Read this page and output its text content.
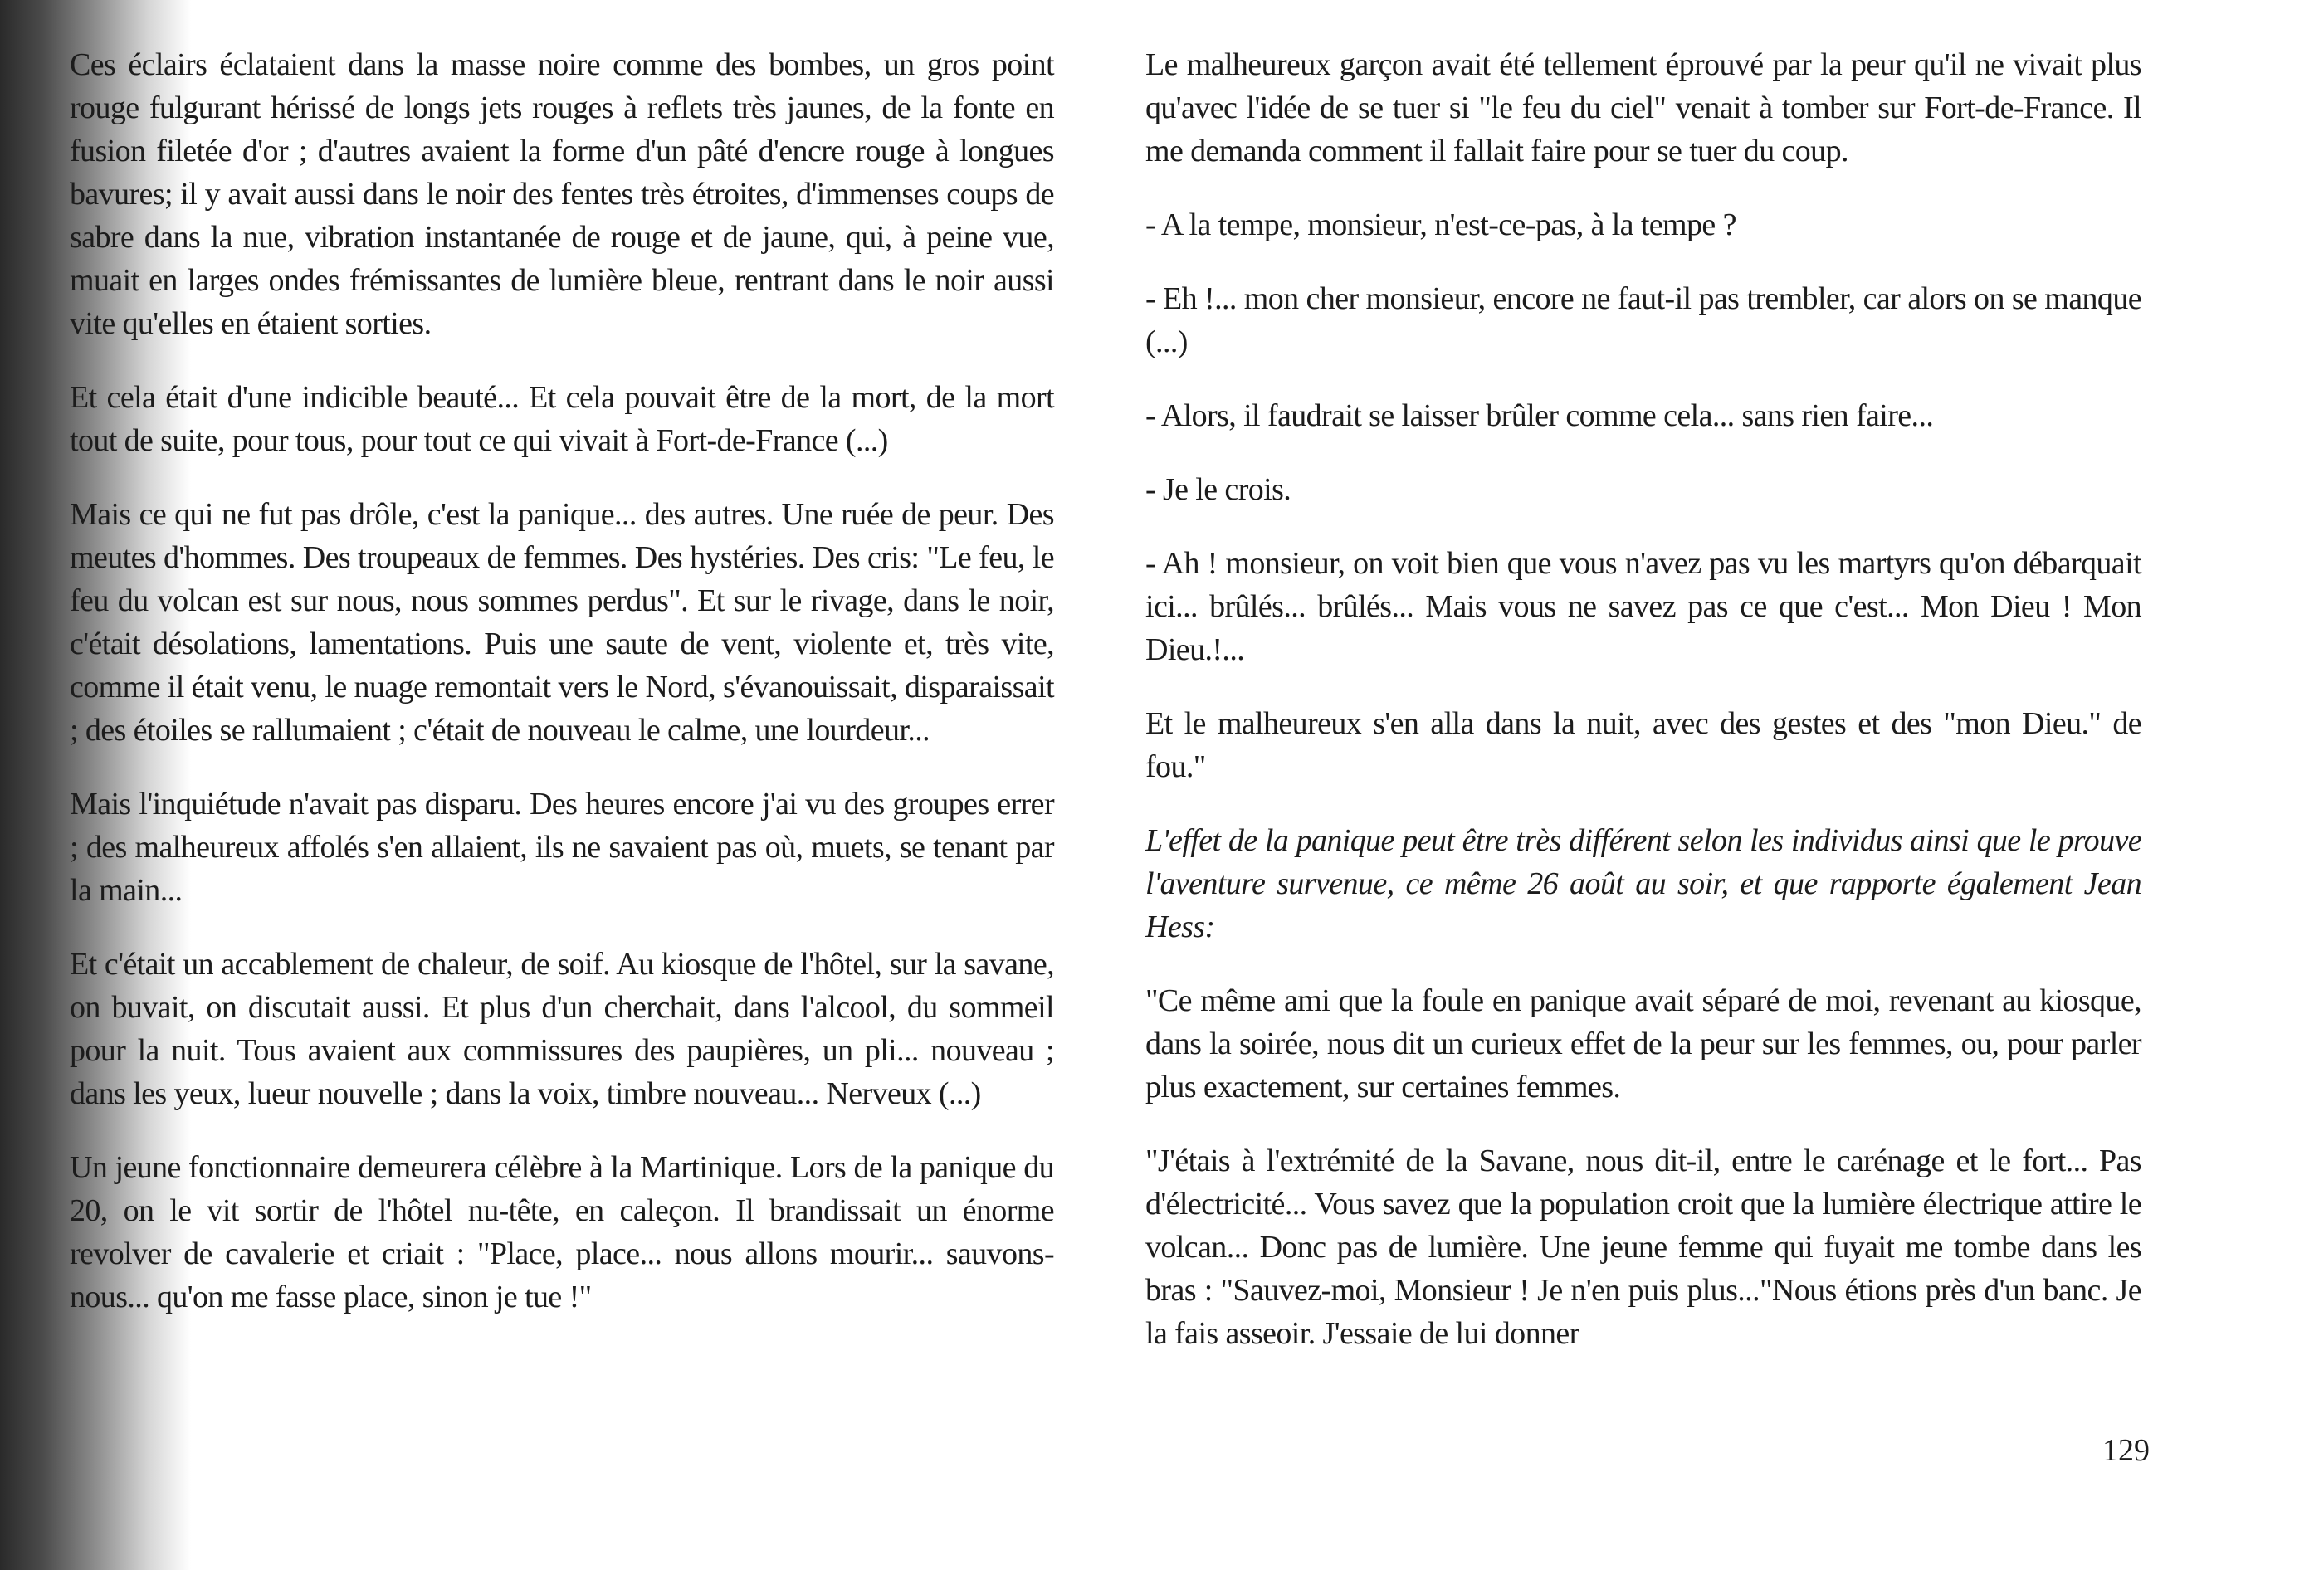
Ces éclairs éclataient dans la masse noire comme des bombes, un gros point rouge fulgurant hérissé de longs jets rouges à reflets très jaunes, de la fonte en fusion filetée d'or ; d'autres avaient la forme d'un pâté d'encre rouge à longues bavures; il y avait aussi dans le noir des fentes très étroites, d'immenses coups de sabre dans la nue, vibration instantanée de rouge et de jaune, qui, à peine vue, muait en larges ondes frémissantes de lumière bleue, rentrant dans le noir aussi vite qu'elles en étaient sorties.

Et cela était d'une indicible beauté... Et cela pouvait être de la mort, de la mort tout de suite, pour tous, pour tout ce qui vivait à Fort-de-France (...)

Mais ce qui ne fut pas drôle, c'est la panique... des autres. Une ruée de peur. Des meutes d'hommes. Des troupeaux de femmes. Des hystéries. Des cris: "Le feu, le feu du volcan est sur nous, nous sommes perdus". Et sur le rivage, dans le noir, c'était désolations, lamentations. Puis une saute de vent, violente et, très vite, comme il était venu, le nuage remontait vers le Nord, s'évanouissait, disparaissait ; des étoiles se rallumaient ; c'était de nouveau le calme, une lourdeur...

Mais l'inquiétude n'avait pas disparu. Des heures encore j'ai vu des groupes errer ; des malheureux affolés s'en allaient, ils ne savaient pas où, muets, se tenant par la main...

Et c'était un accablement de chaleur, de soif. Au kiosque de l'hôtel, sur la savane, on buvait, on discutait aussi. Et plus d'un cherchait, dans l'alcool, du sommeil pour la nuit. Tous avaient aux commissures des paupières, un pli... nouveau ; dans les yeux, lueur nouvelle ; dans la voix, timbre nouveau... Nerveux (...)

Un jeune fonctionnaire demeurera célèbre à la Martinique. Lors de la panique du 20, on le vit sortir de l'hôtel nu-tête, en caleçon. Il brandissait un énorme revolver de cavalerie et criait : "Place, place... nous allons mourir... sauvons-nous... qu'on me fasse place, sinon je tue !"

Le malheureux garçon avait été tellement éprouvé par la peur qu'il ne vivait plus qu'avec l'idée de se tuer si "le feu du ciel" venait à tomber sur Fort-de-France. Il me demanda comment il fallait faire pour se tuer du coup.

- A la tempe, monsieur, n'est-ce-pas, à la tempe ?

- Eh !... mon cher monsieur, encore ne faut-il pas trembler, car alors on se manque (...)

- Alors, il faudrait se laisser brûler comme cela... sans rien faire...

- Je le crois.

- Ah ! monsieur, on voit bien que vous n'avez pas vu les martyrs qu'on débarquait ici... brûlés... brûlés... Mais vous ne savez pas ce que c'est... Mon Dieu ! Mon Dieu.!...

Et le malheureux s'en alla dans la nuit, avec des gestes et des "mon Dieu." de fou."

L'effet de la panique peut être très différent selon les individus ainsi que le prouve l'aventure survenue, ce même 26 août au soir, et que rapporte également Jean Hess:

"Ce même ami que la foule en panique avait séparé de moi, revenant au kiosque, dans la soirée, nous dit un curieux effet de la peur sur les femmes, ou, pour parler plus exactement, sur certaines femmes.

"J'étais à l'extrémité de la Savane, nous dit-il, entre le carénage et le fort... Pas d'électricité... Vous savez que la population croit que la lumière électrique attire le volcan... Donc pas de lumière. Une jeune femme qui fuyait me tombe dans les bras : "Sauvez-moi, Monsieur ! Je n'en puis plus..."Nous étions près d'un banc. Je la fais asseoir. J'essaie de lui donner

129
